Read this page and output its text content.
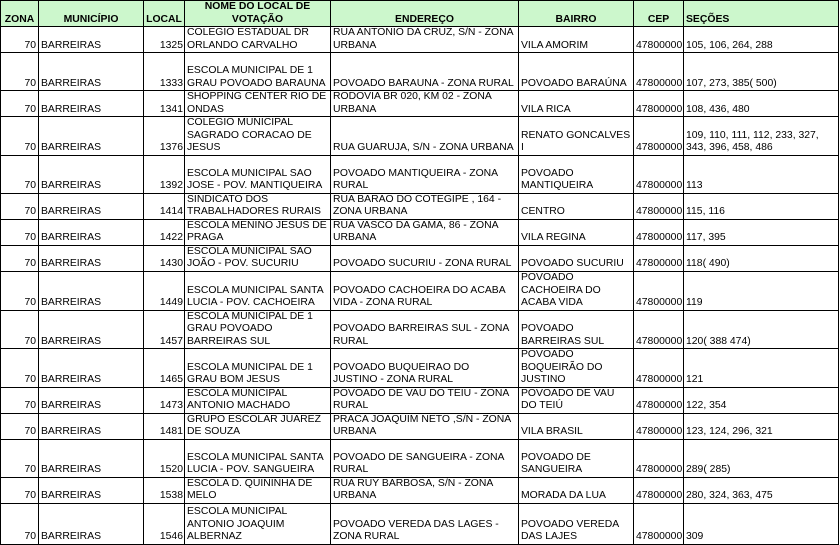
ZONA	MUNICÍPIO	LOCAL	NOME DO LOCAL DE VOTAÇÃO	ENDEREÇO	BAIRRO	CEP	SEÇÕES
70	BARREIRAS	1325	COLEGIO ESTADUAL DR ORLANDO CARVALHO	RUA ANTONIO DA CRUZ, S/N - ZONA URBANA	VILA AMORIM	47800000	105, 106, 264, 288
70	BARREIRAS	1333	ESCOLA MUNICIPAL DE 1 GRAU POVOADO BARAUNA	POVOADO BARAUNA - ZONA RURAL	POVOADO BARAÚNA	47800000	107, 273, 385( 500)
70	BARREIRAS	1341	SHOPPING CENTER RIO DE ONDAS	RODOVIA BR 020, KM 02 - ZONA URBANA	VILA RICA	47800000	108, 436, 480
70	BARREIRAS	1376	COLEGIO MUNICIPAL SAGRADO CORACAO DE JESUS	RUA GUARUJA, S/N - ZONA URBANA	RENATO GONCALVES I	47800000	109, 110, 111, 112, 233, 327, 343, 396, 458, 486
70	BARREIRAS	1392	ESCOLA MUNICIPAL SAO JOSE - POV. MANTIQUEIRA	POVOADO MANTIQUEIRA - ZONA RURAL	POVOADO MANTIQUEIRA	47800000	113
70	BARREIRAS	1414	SINDICATO DOS TRABALHADORES RURAIS	RUA BARAO DO COTEGIPE , 164 - ZONA URBANA	CENTRO	47800000	115, 116
70	BARREIRAS	1422	ESCOLA MENINO JESUS DE PRAGA	RUA VASCO DA GAMA, 86 - ZONA URBANA	VILA REGINA	47800000	117, 395
70	BARREIRAS	1430	ESCOLA MUNICIPAL SÃO JOÃO - POV. SUCURIU	POVOADO SUCURIU - ZONA RURAL	POVOADO SUCURIU	47800000	118( 490)
70	BARREIRAS	1449	ESCOLA MUNICIPAL SANTA LUCIA - POV. CACHOEIRA	POVOADO CACHOEIRA DO ACABA VIDA - ZONA RURAL	POVOADO CACHOEIRA DO ACABA VIDA	47800000	119
70	BARREIRAS	1457	ESCOLA MUNICIPAL DE 1 GRAU POVOADO BARREIRAS SUL	POVOADO BARREIRAS SUL - ZONA RURAL	POVOADO BARREIRAS SUL	47800000	120( 388 474)
70	BARREIRAS	1465	ESCOLA MUNICIPAL DE 1 GRAU BOM JESUS	POVOADO BUQUEIRAO DO JUSTINO - ZONA RURAL	POVOADO BOQUEIRÃO DO JUSTINO	47800000	121
70	BARREIRAS	1473	ESCOLA MUNICIPAL ANTONIO MACHADO	POVOADO DE VAU DO TEIU - ZONA RURAL	POVOADO DE VAU DO TEIÚ	47800000	122, 354
70	BARREIRAS	1481	GRUPO ESCOLAR JUAREZ DE SOUZA	PRACA JOAQUIM NETO ,S/N - ZONA URBANA	VILA BRASIL	47800000	123, 124, 296, 321
70	BARREIRAS	1520	ESCOLA MUNICIPAL SANTA LUCIA - POV. SANGUEIRA	POVOADO DE SANGUEIRA - ZONA RURAL	POVOADO DE SANGUEIRA	47800000	289( 285)
70	BARREIRAS	1538	ESCOLA D. QUININHA DE MELO	RUA RUY BARBOSA, S/N - ZONA URBANA	MORADA DA LUA	47800000	280, 324, 363, 475
70	BARREIRAS	1546	ESCOLA MUNICIPAL ANTONIO JOAQUIM ALBERNAZ	POVOADO VEREDA DAS LAGES - ZONA RURAL	POVOADO VEREDA DAS LAJES	47800000	309
